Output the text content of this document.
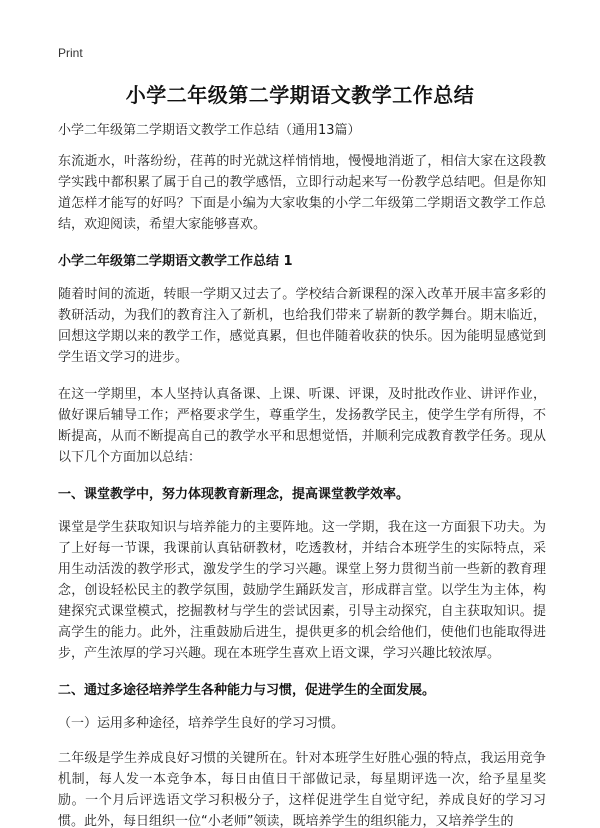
Print
小学二年级第二学期语文教学工作总结

小学二年级第二学期语文教学工作总结（通用13篇）

东流逝水，叶落纷纷，荏苒的时光就这样悄悄地，慢慢地消逝了，相信大家在这段教学实践中都积累了属于自己的教学感悟，立即行动起来写一份教学总结吧。但是你知道怎样才能写的好吗？下面是小编为大家收集的小学二年级第二学期语文教学工作总结，欢迎阅读，希望大家能够喜欢。

小学二年级第二学期语文教学工作总结 1

随着时间的流逝，转眼一学期又过去了。学校结合新课程的深入改革开展丰富多彩的教研活动，为我们的教育注入了新机，也给我们带来了崭新的教学舞台。期末临近，回想这学期以来的教学工作，感觉真累，但也伴随着收获的快乐。因为能明显感觉到学生语文学习的进步。

在这一学期里，本人坚持认真备课、上课、听课、评课，及时批改作业、讲评作业，做好课后辅导工作；严格要求学生，尊重学生，发扬教学民主，使学生学有所得，不断提高，从而不断提高自己的教学水平和思想觉悟，并顺利完成教育教学任务。现从以下几个方面加以总结：

一、课堂教学中，努力体现教育新理念，提高课堂教学效率。

课堂是学生获取知识与培养能力的主要阵地。这一学期，我在这一方面狠下功夫。为了上好每一节课，我课前认真钻研教材，吃透教材，并结合本班学生的实际特点，采用生动活泼的教学形式，激发学生的学习兴趣。课堂上努力贯彻当前一些新的教育理念，创设轻松民主的教学氛围，鼓励学生踊跃发言，形成群言堂。以学生为主体，构建探究式课堂模式，挖掘教材与学生的尝试因素，引导主动探究，自主获取知识。提高学生的能力。此外，注重鼓励后进生，提供更多的机会给他们，使他们也能取得进步，产生浓厚的学习兴趣。现在本班学生喜欢上语文课，学习兴趣比较浓厚。

二、通过多途径培养学生各种能力与习惯，促进学生的全面发展。

（一）运用多种途径，培养学生良好的学习习惯。

二年级是学生养成良好习惯的关键所在。针对本班学生好胜心强的特点，我运用竞争机制，每人发一本竞争本，每日由值日干部做记录，每星期评选一次，给予星星奖励。一个月后评选语文学习积极分子，这样促进学生自觉守纪，养成良好的学习习惯。此外，每日组织一位“小老师”领读，既培养学生的组织能力，又培养学生的
